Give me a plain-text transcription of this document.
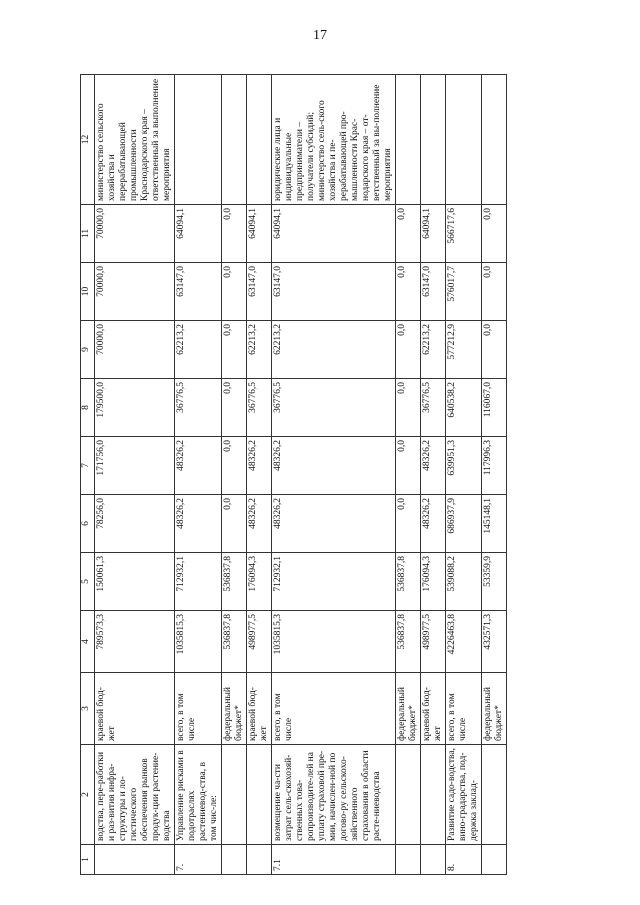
17
1	2	3	4	5	6	7	8	9	10	11	12
	водства, пере-работки и раз-вития инфра-структуры и ло-гистического обеспечения рынков продук-ции растение-водства	краевой бюд-жет	789573,3	150061,3	78256,0	171756,0	179500,0	70000,0	70000,0	70000,0	министерство сельского хозяйства и перерабатывающей промышленности Краснодарского края – ответственный за выполнение мероприятия
7.	Управление рисками в подотраслях растениевод-ства, в том чис-ле:	всего, в том числе	1035815,3	712932,1	48326,2	48326,2	36776,5	62213,2	63147,0	64094,1	
		федеральный бюджет*	536837,8	536837,8	0,0	0,0	0,0	0,0	0,0	0,0	
		краевой бюд-жет	498977,5	176094,3	48326,2	48326,2	36776,5	62213,2	63147,0	64094,1	
7.1	возмещение ча-сти затрат сель-скохозяй-ственных това-ропроизводите-лей на уплату страховой пре-мии, начислен-ной по догово-ру сельскохо-зяйственного страхования в области расте-ниеводства	всего, в том числе	1035815,3	712932,1	48326,2	48326,2	36776,5	62213,2	63147,0	64094,1	юридические лица и индивидуальные предприниматели – получатели субсидий; министерство сель-ского хозяйства и пе-рерабатывающей про-мышленности Крас-нодарского края – от-ветственный за вы-полнение мероприятия
		федеральный бюджет*	536837,8	536837,8	0,0	0,0	0,0	0,0	0,0	0,0	
		краевой бюд-жет	498977,5	176094,3	48326,2	48326,2	36776,5	62213,2	63147,0	64094,1	
8.	Развитие садо-водства, вино-градарства, под-держка заклад-	всего, в том числе	4226463,8	539088,2	686937,9	639951,3	640538,2	577212,9	576017,7	566717,6	
		федеральный бюджет*	432571,3	53359,9	145148,1	117996,3	116067,0	0,0	0,0	0,0	
